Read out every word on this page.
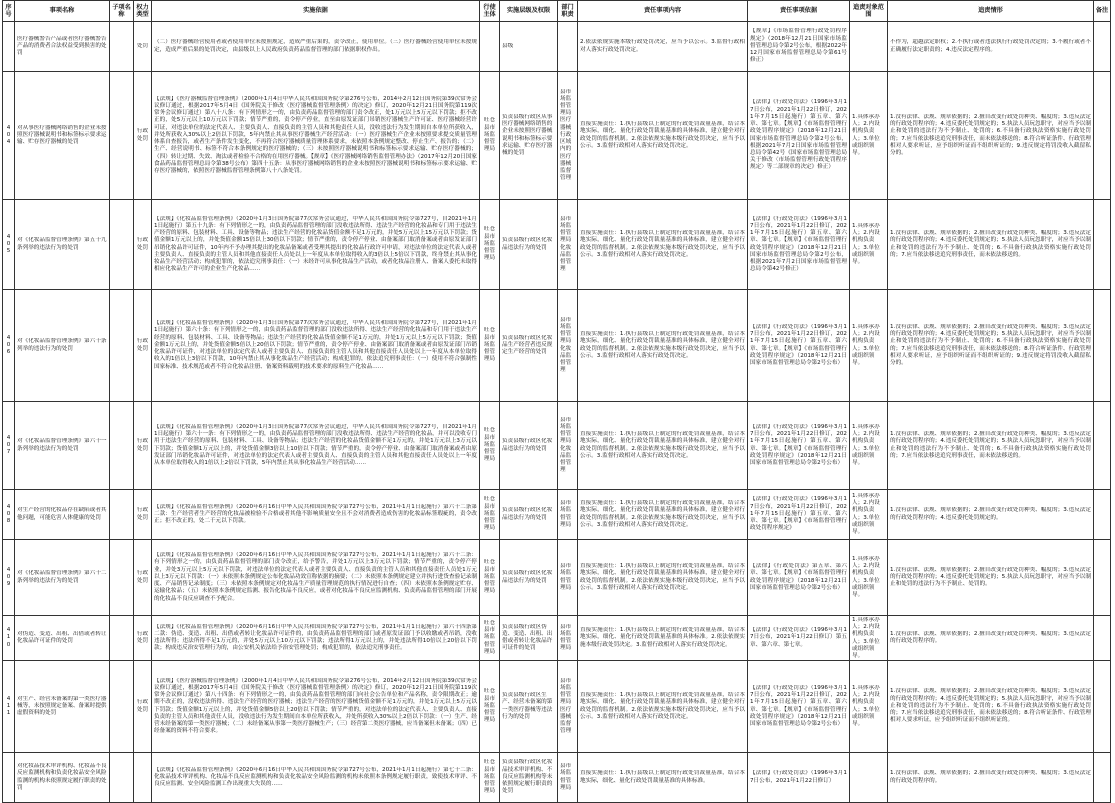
序号	事项名称	子项名称	权力类型	实施依据	行使主体	实施层级及权限	部门职责	责任事项内容	责任事项依据	追责对象范围	追责情形	备注

	医疗器械警告产品或者医疗器械警告产品的消费者合法权益受到损害的处罚		处罚	（二）医疗器械经营使用者或者使用单位未按照规定，造成严重后果的，责令改正，使用单位。（三）医疗器械经营使用单位未按规定，造成严重后果的处罚决定，由县级以上人民政府负责药品监督管理的部门依据职权作出。		县级		2.依法依规实施本级行政处罚决定，应当予以公示。3.监督行政相对人落实行政处罚决定。	【规章】《市场监督管理行政处罚程序规定》（2018年12月21日国家市场监督管理总局令第2号公布，根据2022年12月国家市场监督管理总局令第61号修正）		不作为，超越法定职权；2.不执行或者违法执行行政处罚决定的；3.不履行或者不正确履行法定职责的；4.违反法定程序的。	

404	对从事医疗器械网络销售的企业未按照医疗器械说明书和标签标示要求运输、贮存医疗器械的处罚		行政处罚	【法规】《医疗器械监督管理条例》（2000年1月4日中华人民共和国国务院令第276号公布，2014年2月12日国务院第39次常务会议修订通过，根据2017年5月4日《国务院关于修改〈医疗器械监督管理条例〉的决定》修订，2020年12月21日国务院第119次常务会议修订通过）第八十八条：有下列情形之一的，由负责药品监督管理的部门责令改正，处1万元以上5万元以下罚款；拒不改正的，处5万元以上10万元以下罚款；情节严重的，责令停产停业，直至由原发证部门吊销医疗器械生产许可证、医疗器械经营许可证，对违法单位的法定代表人、主要负责人、直接负责的主管人员和其他责任人员，没收违法行为发生期间自本单位所获收入，并处所获收入30%以上2倍以下罚款，5年内禁止其从事医疗器械生产经营活动：（一）医疗器械生产企业未按照要求提交质量管理体系自查报告，或者生产条件发生变化，不再符合医疗器械质量管理体系要求，未依照本条例规定整改、停止生产、报告的；（二）生产、经营说明书、标签不符合本条例规定的医疗器械的；（三）未按照医疗器械说明书和标签标示要求运输、贮存医疗器械的；（四）转让过期、失效、淘汰或者检验不合格的在用医疗器械。【规章】《医疗器械网络销售监督管理办法》（2017年12月20日国家食品药品监督管理总局令第38号公布）第四十五条：从事医疗器械网络销售的企业未按照医疗器械说明书和标签标示要求运输、贮存医疗器械的，依照医疗器械监督管理条例第八十八条处罚。	旺苍县市场监督管理局	负责县级行政区从事医疗器械网络销售的企业未按照医疗器械说明书和标签标示要求运输、贮存医疗器械的处罚	县市场监督管理局医疗器械行政区域内的医疗器械监督管理	直接实施责任：1.执行县级以上制定的行政处罚裁量基准，结合本地实际，细化、量化行政处罚裁量基准的具体标准，建立健全对行政处罚的监督机制。2.依法依规实施本级行政处罚决定，应当予以公示。3.监督行政相对人落实行政处罚决定。	【法律】《行政处罚法》（1996年3月17日公布，2021年1月22日修订，2021年7月15日起施行）第五章、第六章、第七章。【规章】《市场监督管理行政处罚程序规定》（2018年12月21日国家市场监督管理总局令第2号公布，根据2021年7月2日国家市场监督管理总局令第42号《国家市场监督管理总局关于修改〈市场监督管理行政处罚程序规定〉等二部规章的决定》修正）	1.具体承办人；2.内设机构负责人；3.单位或组织领导。	1.没有法律、法规、规章依据的；2.擅自改变行政处罚种类、幅度的；3.违反法定的行政处罚程序的；4.违反委托处罚规定的；5.执法人员玩忽职守，对应当予以制止和处罚的违法行为不予制止、处罚的；6.不具备行政执法资格实施行政处罚的；7.应当依法移送追究刑事责任，而未依法移送的；8.符合听证条件、行政管理相对人要求听证，应予组织听证而不组织听证的；9.违反规定将罚没收入截留私分的。	

405	对《化妆品监督管理条例》第五十九条列举的违法行为的处罚		行政处罚	【法规】《化妆品监督管理条例》（2020年1月3日国务院第77次常务会议通过，中华人民共和国国务院令第727号，自2021年1月1日起施行）第五十九条：有下列情形之一的，由负责药品监督管理的部门没收违法所得、违法生产经营的化妆品和专门用于违法生产经营的原料、包装材料、工具、设备等物品；违法生产经营的化妆品货值金额不足1万元的，并处5万元以上15万元以下罚款；货值金额1万元以上的，并处货值金额15倍以上30倍以下罚款；情节严重的，责令停产停业、由备案部门取消备案或者由原发证部门吊销化妆品许可证件，10年内不予办理其提出的化妆品备案或者受理其提出的化妆品行政许可申请，对违法单位的法定代表人或者主要负责人、直接负责的主管人员和其他直接责任人员处以上一年度从本单位取得收入的3倍以上5倍以下罚款，终身禁止其从事化妆品生产经营活动；构成犯罪的，依法追究刑事责任：（一）未经许可从事化妆品生产活动，或者化妆品注册人、备案人委托未取得相应化妆品生产许可的企业生产化妆品……	旺苍县市场监督管理局	负责县级行政区化妆品违法行为的处罚	县市场监督管理局化妆品监督管理	直接实施责任：1.执行县级以上制定的行政处罚裁量基准，结合本地实际，细化、量化行政处罚裁量基准的具体标准，建立健全对行政处罚的监督机制。2.依法依规实施本级行政处罚决定，应当予以公示。3.监督行政相对人落实行政处罚决定。	【法律】《行政处罚法》（1996年3月17日公布，2021年1月22日修订，2021年7月15日起施行）第五章、第六章、第七章。【规章】《市场监督管理行政处罚程序规定》（2018年12月21日国家市场监督管理总局令第2号公布，根据2021年7月2日国家市场监督管理总局令第42号修正）	1.具体承办人；2.内设机构负责人；3.单位或组织领导。	1.没有法律、法规、规章依据的；2.擅自改变行政处罚种类、幅度的；3.违反法定的行政处罚程序的；4.违反委托处罚规定的；5.执法人员玩忽职守，对应当予以制止和处罚的违法行为不予制止、处罚的；6.不具备行政执法资格实施行政处罚的；7.应当依法移送追究刑事责任，而未依法移送的。	

406	对《化妆品监督管理条例》第六十条列举的违法行为的处罚		行政处罚	【法规】《化妆品监督管理条例》（2020年1月3日国务院第77次常务会议通过，中华人民共和国国务院令第727号，自2021年1月1日起施行）第六十条：有下列情形之一的，由负责药品监督管理的部门没收违法所得、违法生产经营的化妆品和专门用于违法生产经营的原料、包装材料、工具、设备等物品；违法生产经营的化妆品货值金额不足1万元的，并处1万元以上5万元以下罚款；货值金额1万元以上的，并处货值金额5倍以上20倍以下罚款；情节严重的，责令停产停业、由备案部门取消备案或者由原发证部门吊销化妆品许可证件，对违法单位的法定代表人或者主要负责人、直接负责的主管人员和其他直接责任人员处以上一年度从本单位取得收入的1倍以上3倍以下罚款，10年内禁止其从事化妆品生产经营活动；构成犯罪的，依法追究刑事责任：（一）使用不符合强制性国家标准、技术规范或者不符合化妆品注册、备案资料载明的技术要求的原料生产化妆品……	旺苍县市场监督管理局	负责县级行政区化妆品生产经营者违反规定生产经营的处罚	县市场监督管理局化妆品监督管理	直接实施责任：1.执行县级以上制定的行政处罚裁量基准，结合本地实际，细化、量化行政处罚裁量基准的具体标准，建立健全对行政处罚的监督机制。2.依法依规实施本级行政处罚决定，应当予以公示。3.监督行政相对人落实行政处罚决定。	【法律】《行政处罚法》（1996年3月17日公布，2021年1月22日修订，2021年7月15日起施行）第五章、第六章、第七章。【规章】《市场监督管理行政处罚程序规定》（2018年12月21日国家市场监督管理总局令第2号公布）	1.具体承办人；2.内设机构负责人；3.单位或组织领导。	1.没有法律、法规、规章依据的；2.擅自改变行政处罚种类、幅度的；3.违反法定的行政处罚程序的；4.违反委托处罚规定的；5.执法人员玩忽职守，对应当予以制止和处罚的违法行为不予制止、处罚的；6.不具备行政执法资格实施行政处罚的；7.应当依法移送追究刑事责任，而未依法移送的；8.符合听证条件、行政管理相对人要求听证，应予组织听证而不组织听证的；9.违反规定将罚没收入截留私分的。	

407	对《化妆品监督管理条例》第六十一条列举的违法行为的处罚		行政处罚	【法规】《化妆品监督管理条例》（2020年1月3日国务院第77次常务会议通过，中华人民共和国国务院令第727号，自2021年1月1日起施行）第六十一条：有下列情形之一的，由负责药品监督管理的部门没收违法所得、违法生产经营的化妆品，并可以没收专门用于违法生产经营的原料、包装材料、工具、设备等物品；违法生产经营的化妆品货值金额不足1万元的，并处1万元以上3万元以下罚款；货值金额1万元以上的，并处货值金额3倍以上10倍以下罚款；情节严重的，责令停产停业、由备案部门取消备案或者由原发证部门吊销化妆品许可证件，对违法单位的法定代表人或者主要负责人、直接负责的主管人员和其他直接责任人员处以上一年度从本单位取得收入的1倍以上2倍以下罚款，5年内禁止其从事化妆品生产经营活动……	旺苍县市场监督管理局	负责县级行政区化妆品违法行为的处罚	县市场监督管理局化妆品监督管理	直接实施责任：1.执行县级以上制定的行政处罚裁量基准，结合本地实际，细化、量化行政处罚裁量基准的具体标准，建立健全对行政处罚的监督机制。2.依法依规实施本级行政处罚决定，应当予以公示。3.监督行政相对人落实行政处罚决定。	【法律】《行政处罚法》（1996年3月17日公布，2021年1月22日修订，2021年7月15日起施行）第五章、第六章、第七章。【规章】《市场监督管理行政处罚程序规定》（2018年12月21日国家市场监督管理总局令第2号公布）	1.具体承办人；2.内设机构负责人；3.单位或组织领导。	1.没有法律、法规、规章依据的；2.擅自改变行政处罚种类、幅度的；3.违反法定的行政处罚程序的；4.违反委托处罚规定的；5.执法人员玩忽职守，对应当予以制止和处罚的违法行为不予制止、处罚的；6.不具备行政执法资格实施行政处罚的；7.应当依法移送追究刑事责任，而未依法移送的。	

408	对生产经营的化妆品存在缺陷或者其他问题，可能危害人体健康的处罚		行政处罚	【法规】《化妆品监督管理条例》（2020年6月16日中华人民共和国国务院令第727号公布，2021年1月1日起施行）第六十二条第二款：生产经营者生产经营的化妆品被检验不合格或者其他不影响质量安全且不会对消费者造成伤害的化妆品标签瑕疵的，责令改正；拒不改正的，处二千元以下罚款。	旺苍县市场监督管理局	负责县级行政区化妆品违法行为的处罚	县市场监督管理局	直接实施责任：1.执行县级以上制定的行政处罚裁量基准，结合本地实际，细化、量化行政处罚裁量基准的具体标准，建立健全对行政处罚的监督机制。2.依法依规实施本级行政处罚决定，应当予以公示。3.监督行政相对人落实行政处罚决定。	【法律】《行政处罚法》（1996年3月17日公布，2021年1月22日修订，2021年7月15日起施行）第五章、第六章、第七章。【规章】《市场监督管理行政处罚程序规定》	1.具体承办人；2.内设机构负责人；3.单位或组织领导。	1.没有法律、法规、规章依据的；2.擅自改变行政处罚种类、幅度的；3.违反法定的行政处罚程序的；4.违反委托处罚规定的。	

409	对《化妆品监督管理条例》第六十二条列举的违法行为的处罚		行政处罚	【法规】《化妆品监督管理条例》（2020年6月16日中华人民共和国国务院令第727号公布，2021年1月1日起施行）第六十二条：有下列情形之一的，由负责药品监督管理的部门责令改正，给予警告，并处1万元以上3万元以下罚款；情节严重的，责令停产停业，并处3万元以上5万元以下罚款，对违法单位的法定代表人或者主要负责人、直接负责的主管人员和其他直接责任人员处1万元以上3万元以下罚款：（一）未依照本条例规定公布化妆品功效宣称依据的摘要；（二）未依照本条例规定建立并执行进货查验记录制度、产品销售记录制度；（三）未依照本条例规定对化妆品生产质量管理规范的执行情况进行自查；（四）未依照本条例规定贮存、运输化妆品；（五）未依照本条例规定监测、报告化妆品不良反应，或者对化妆品不良反应监测机构、负责药品监督管理的部门开展的化妆品不良反应调查不予配合。	旺苍县市场监督管理局	负责县级行政区化妆品违法行为的处罚	县市场监督管理局	直接实施责任：1.执行县级以上制定的行政处罚裁量基准，结合本地实际，细化、量化行政处罚裁量基准的具体标准，建立健全对行政处罚的监督机制。2.依法依规实施本级行政处罚决定，应当予以公示。3.监督行政相对人落实行政处罚决定。	【法律】《行政处罚法》第五章、第六章、第七章。【规章】《市场监督管理行政处罚程序规定》（2018年12月21日国家市场监督管理总局令第2号公布）	1.具体承办人；2.内设机构负责人；3.单位或组织领导。	1.没有法律、法规、规章依据的；2.擅自改变行政处罚种类、幅度的；3.违反法定的行政处罚程序的；4.违反委托处罚规定的；5.执法人员玩忽职守，对应当予以制止和处罚的违法行为不予制止、处罚的。	

410	对伪造、变造、出租、出借或者转让化妆品许可证件的处罚		行政处罚	【法规】《化妆品监督管理条例》（2020年6月16日中华人民共和国国务院令第727号公布，2021年1月1日起施行）第六十四条第二款：伪造、变造、出租、出借或者转让化妆品许可证件的，由负责药品监督管理的部门或者原发证部门予以收缴或者吊销，没收违法所得；违法所得不足1万元的，并处5万元以上10万元以下罚款；违法所得1万元以上的，并处违法所得10倍以上20倍以下罚款；构成违反治安管理行为的，由公安机关依法给予治安管理处罚；构成犯罪的，依法追究刑事责任。	旺苍县市场监督管理局	负责县级行政区伪造、变造、出租、出借或者转让化妆品许可证件的处罚	县市场监督管理局	直接实施责任：1.执行县级以上制定的行政处罚裁量基准，结合本地实际，细化、量化行政处罚裁量基准的具体标准。2.依法依规实施本级行政处罚决定。3.监督行政相对人落实行政处罚决定。	【法律】《行政处罚法》（1996年3月17日公布，2021年1月22日修订）第五章、第六章、第七章。	1.具体承办人；2.内设机构负责人；3.单位或组织领导。	1.没有法律、法规、规章依据的；2.擅自改变行政处罚种类、幅度的；3.违反法定的行政处罚程序的。	

411	对生产、经营未备案的第一类医疗器械等，未按照规定备案、备案时提供虚假资料的处罚		行政处罚	【法规】《医疗器械监督管理条例》（2000年1月4日中华人民共和国国务院令第276号公布，2014年2月12日国务院第39次常务会议修订通过，根据2017年5月4日《国务院关于修改〈医疗器械监督管理条例〉的决定》修订，2020年12月21日国务院第119次常务会议修订通过）第八十四条：有下列情形之一的，由负责药品监督管理的部门向社会公告单位和产品名称，责令限期改正；逾期不改正的，没收违法所得、违法生产经营的医疗器械；违法生产经营的医疗器械货值金额不足1万元的，并处1万元以上5万元以下罚款；货值金额1万元以上的，并处货值金额5倍以上20倍以下罚款；情节严重的，对违法单位的法定代表人、主要负责人、直接负责的主管人员和其他责任人员，没收违法行为发生期间自本单位所获收入，并处所获收入30%以上2倍以下罚款：（一）生产、经营未经备案的第一类医疗器械；（二）未经备案从事第一类医疗器械生产；（三）经营第二类医疗器械，应当备案但未备案；（四）已经备案的资料不符合要求。	旺苍县市场监督管理局	负责县级行政区生产、经营未备案的第一类医疗器械等违法行为的处罚	县市场监督管理局医疗器械监督管理	直接实施责任：1.执行县级以上制定的行政处罚裁量基准，结合本地实际，细化、量化行政处罚裁量基准的具体标准，建立健全对行政处罚的监督机制。2.依法依规实施本级行政处罚决定，应当予以公示。3.监督行政相对人落实行政处罚决定。	【法律】《行政处罚法》（1996年3月17日公布，2021年1月22日修订，2021年7月15日起施行）第五章、第六章、第七章。【规章】《市场监督管理行政处罚程序规定》（2018年12月21日国家市场监督管理总局令第2号公布）	1.具体承办人；2.内设机构负责人；3.单位或组织领导。	1.没有法律、法规、规章依据的；2.擅自改变行政处罚种类、幅度的；3.违反法定的行政处罚程序的；4.违反委托处罚规定的；5.执法人员玩忽职守，对应当予以制止和处罚的违法行为不予制止、处罚的；6.不具备行政执法资格实施行政处罚的；7.应当依法移送追究刑事责任，而未依法移送的；8.符合听证条件、行政管理相对人要求听证，应予组织听证而不组织听证的。	

	对化妆品技术审评机构、化妆品不良反应监测机构和负责化妆品安全风险监测的机构未依照规定履行职责的处罚			【法规】《化妆品监督管理条例》（2020年6月16日中华人民共和国国务院令第727号公布，2021年1月1日起施行）第七十二条：化妆品技术审评机构、化妆品不良反应监测机构和负责化妆品安全风险监测的机构未依照本条例规定履行职责，致使技术审评、不良反应监测、安全风险监测工作出现重大失误的……	旺苍县市场监督管理局	负责县级行政区化妆品技术审评机构、不良反应监测机构等未依照规定履行职责的处罚	县市场监督管理局	直接实施责任：1.执行县级以上制定的行政处罚裁量基准，结合本地实际，细化、量化行政处罚裁量基准的具体标准。	【法律】《行政处罚法》（1996年3月17日公布，2021年1月22日修订）		1.没有法律、法规、规章依据的；2.擅自改变行政处罚种类、幅度的；3.违反法定的行政处罚程序的。	
